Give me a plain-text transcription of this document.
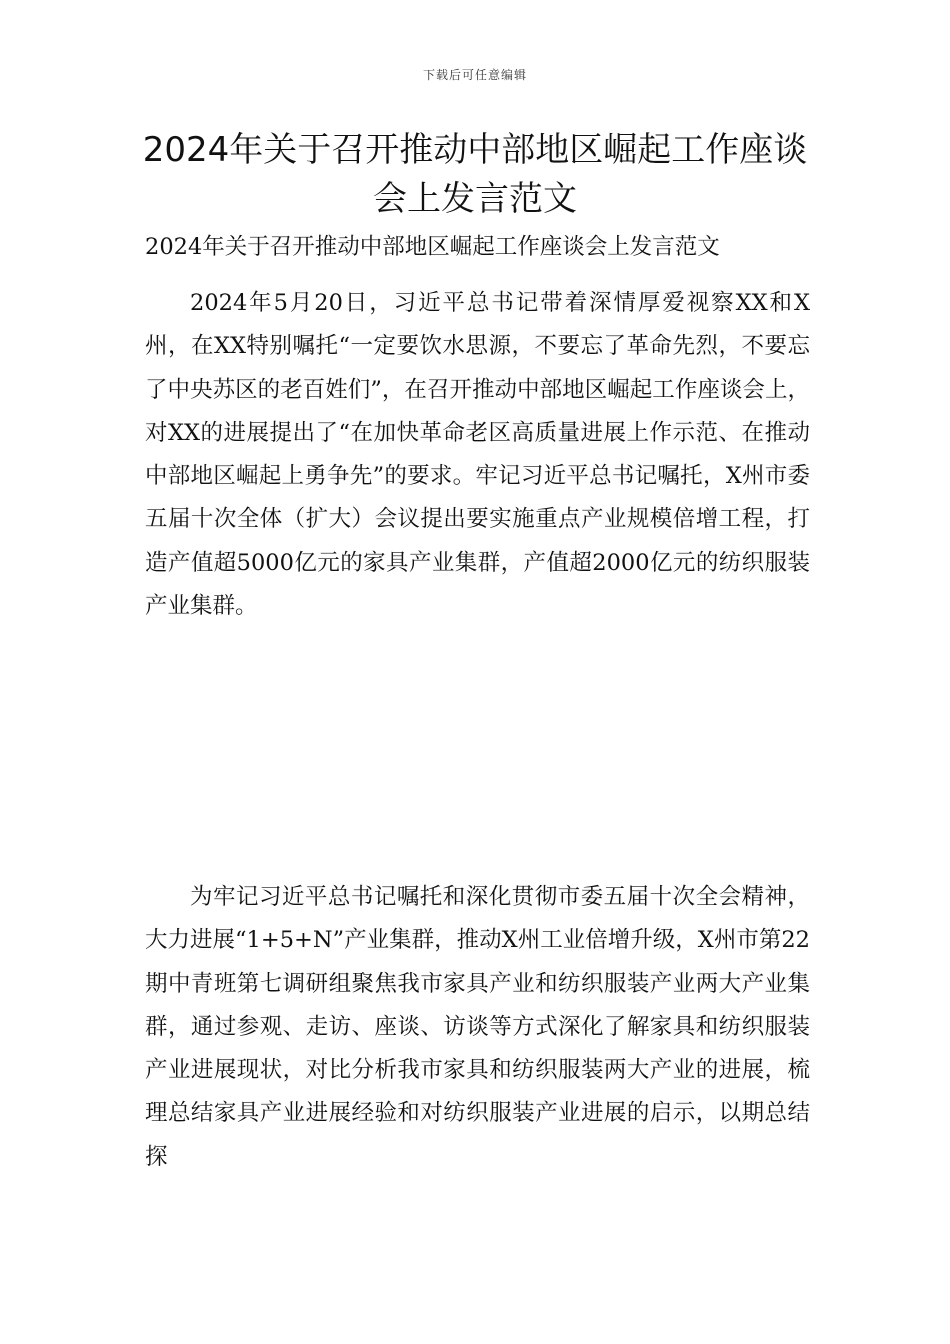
下载后可任意编辑
2024年关于召开推动中部地区崛起工作座谈会上发言范文
2024年关于召开推动中部地区崛起工作座谈会上发言范文

2024年5月20日，习近平总书记带着深情厚爱视察XX和X州，在XX特别嘱托“一定要饮水思源，不要忘了革命先烈，不要忘了中央苏区的老百姓们”，在召开推动中部地区崛起工作座谈会上，对XX的进展提出了“在加快革命老区高质量进展上作示范、在推动中部地区崛起上勇争先”的要求。牢记习近平总书记嘱托，X州市委五届十次全体（扩大）会议提出要实施重点产业规模倍增工程，打造产值超5000亿元的家具产业集群，产值超2000亿元的纺织服装产业集群。

为牢记习近平总书记嘱托和深化贯彻市委五届十次全会精神，大力进展“1+5+N”产业集群，推动X州工业倍增升级，X州市第22期中青班第七调研组聚焦我市家具产业和纺织服装产业两大产业集群，通过参观、走访、座谈、访谈等方式深化了解家具和纺织服装产业进展现状，对比分析我市家具和纺织服装两大产业的进展，梳理总结家具产业进展经验和对纺织服装产业进展的启示，以期总结探
